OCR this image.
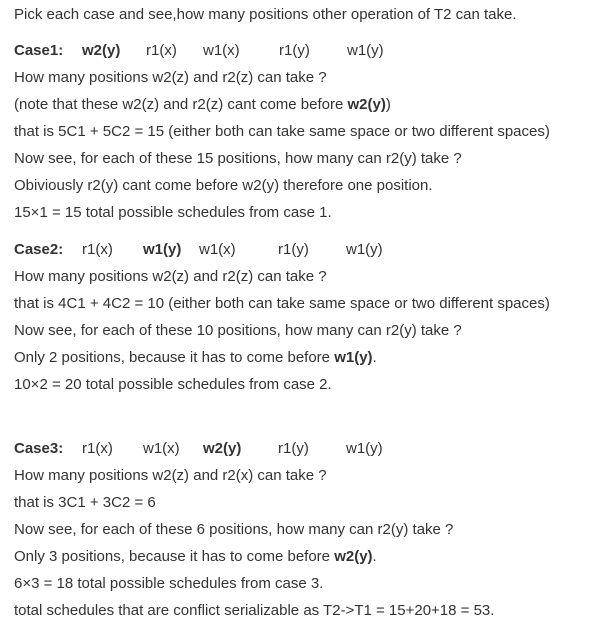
Pick each case and see,how many positions other operation of T2 can take.
Case1: w2(y) r1(x) w1(x)	r1(y) w1(y)
How many positions w2(z) and r2(z) can take ?
(note that these w2(z) and r2(z) cant come before w2(y))
that is 5C1 + 5C2 = 15 (either both can take same space or two different spaces)
Now see, for each of these 15 positions, how many can r2(y) take ?
Obiviously r2(y) cant come before w2(y) therefore one position.
15×1 = 15 total possible schedules from case 1.
Case2: r1(x) w1(y) w1(x)	r1(y) w1(y)
How many positions w2(z) and r2(z) can take ?
that is 4C1 + 4C2 = 10 (either both can take same space or two different spaces)
Now see, for each of these 10 positions, how many can r2(y) take ?
Only 2 positions, because it has to come before w1(y).
10×2 = 20 total possible schedules from case 2.
Case3: r1(x) w1(x) w2(y) r1(y) w1(y)
How many positions w2(z) and r2(x) can take ?
that is 3C1 + 3C2 = 6
Now see, for each of these 6 positions, how many can r2(y) take ?
Only 3 positions, because it has to come before w2(y).
6×3 = 18 total possible schedules from case 3.
total schedules that are conflict serializable as T2->T1 = 15+20+18 = 53.
